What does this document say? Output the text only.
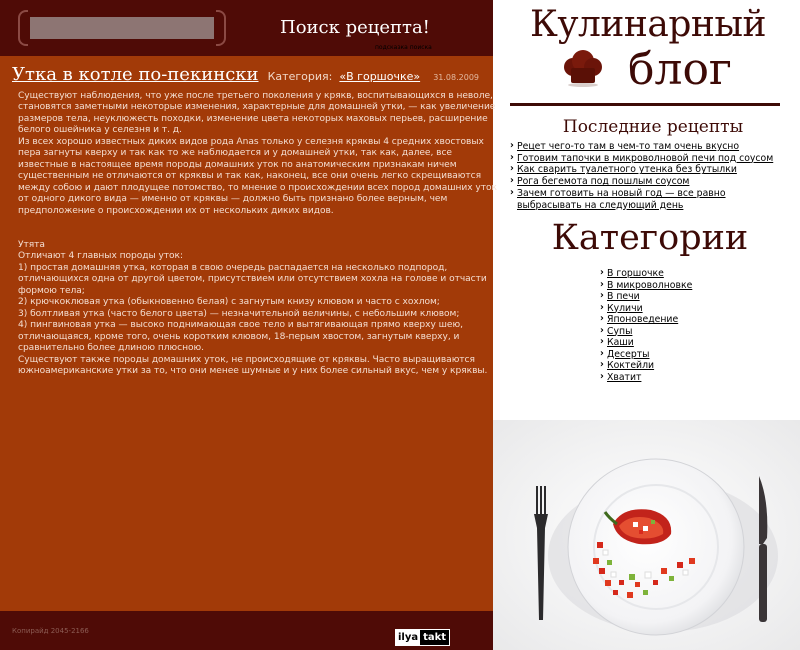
Поиск рецепта!
подсказка поиска
Утка в котле по-пекински Категория: «В горшочке» 31.08.2009

Существуют наблюдения, что уже после третьего поколения у крякв, воспитывающихся в неволе, становятся заметными некоторые изменения, характерные для домашней утки, — как увеличение размеров тела, неуклюжесть походки, изменение цвета некоторых маховых перьев, расширение белого ошейника у селезня и т. д.

Из всех хорошо известных диких видов рода Anas только у селезня кряквы 4 средних хвостовых пера загнуты кверху и так как то же наблюдается и у домашней утки, так как, далее, все известные в настоящее время породы домашних уток по анатомическим признакам ничем существенным не отличаются от кряквы и так как, наконец, все они очень легко скрещиваются между собою и дают плодущее потомство, то мнение о происхождении всех пород домашних уток от одного дикого вида — именно от кряквы — должно быть признано более верным, чем предположение о происхождении их от нескольких диких видов.

Утята

Отличают 4 главных породы уток:

1) простая домашняя утка, которая в свою очередь распадается на несколько подпород, отличающихся одна от другой цветом, присутствием или отсутствием хохла на голове и отчасти формою тела;

2) крючкоклювая утка (обыкновенно белая) с загнутым книзу клювом и часто с хохлом;

3) болтливая утка (часто белого цвета) — незначительной величины, с небольшим клювом;

4) пингвиновая утка — высоко поднимающая свое тело и вытягивающая прямо кверху шею, отличающаяся, кроме того, очень коротким клювом, 18-перым хвостом, загнутым кверху, и сравнительно более длиною плюсною.

Существуют также породы домашних уток, не происходящие от кряквы. Часто выращиваются южноамериканские утки за то, что они менее шумные и у них более сильный вкус, чем у кряквы.

Копирайд 2045-2166
ilya takt
Кулинарный
блог
Последние рецепты
› Рецет чего-то там в чем-то там очень вкусно
› Готовим тапочки в микроволновой печи под соусом
› Как сварить туалетного утенка без бутылки
› Рога бегемота под пошлым соусом
› Зачем готовить на новый год — все равно выбрасывать на следующий день
Категории
› В горшочке
› В микроволновке
› В печи
› Куличи
› Японоведение
› Супы
› Каши
› Десерты
› Коктейли
› Хватит
